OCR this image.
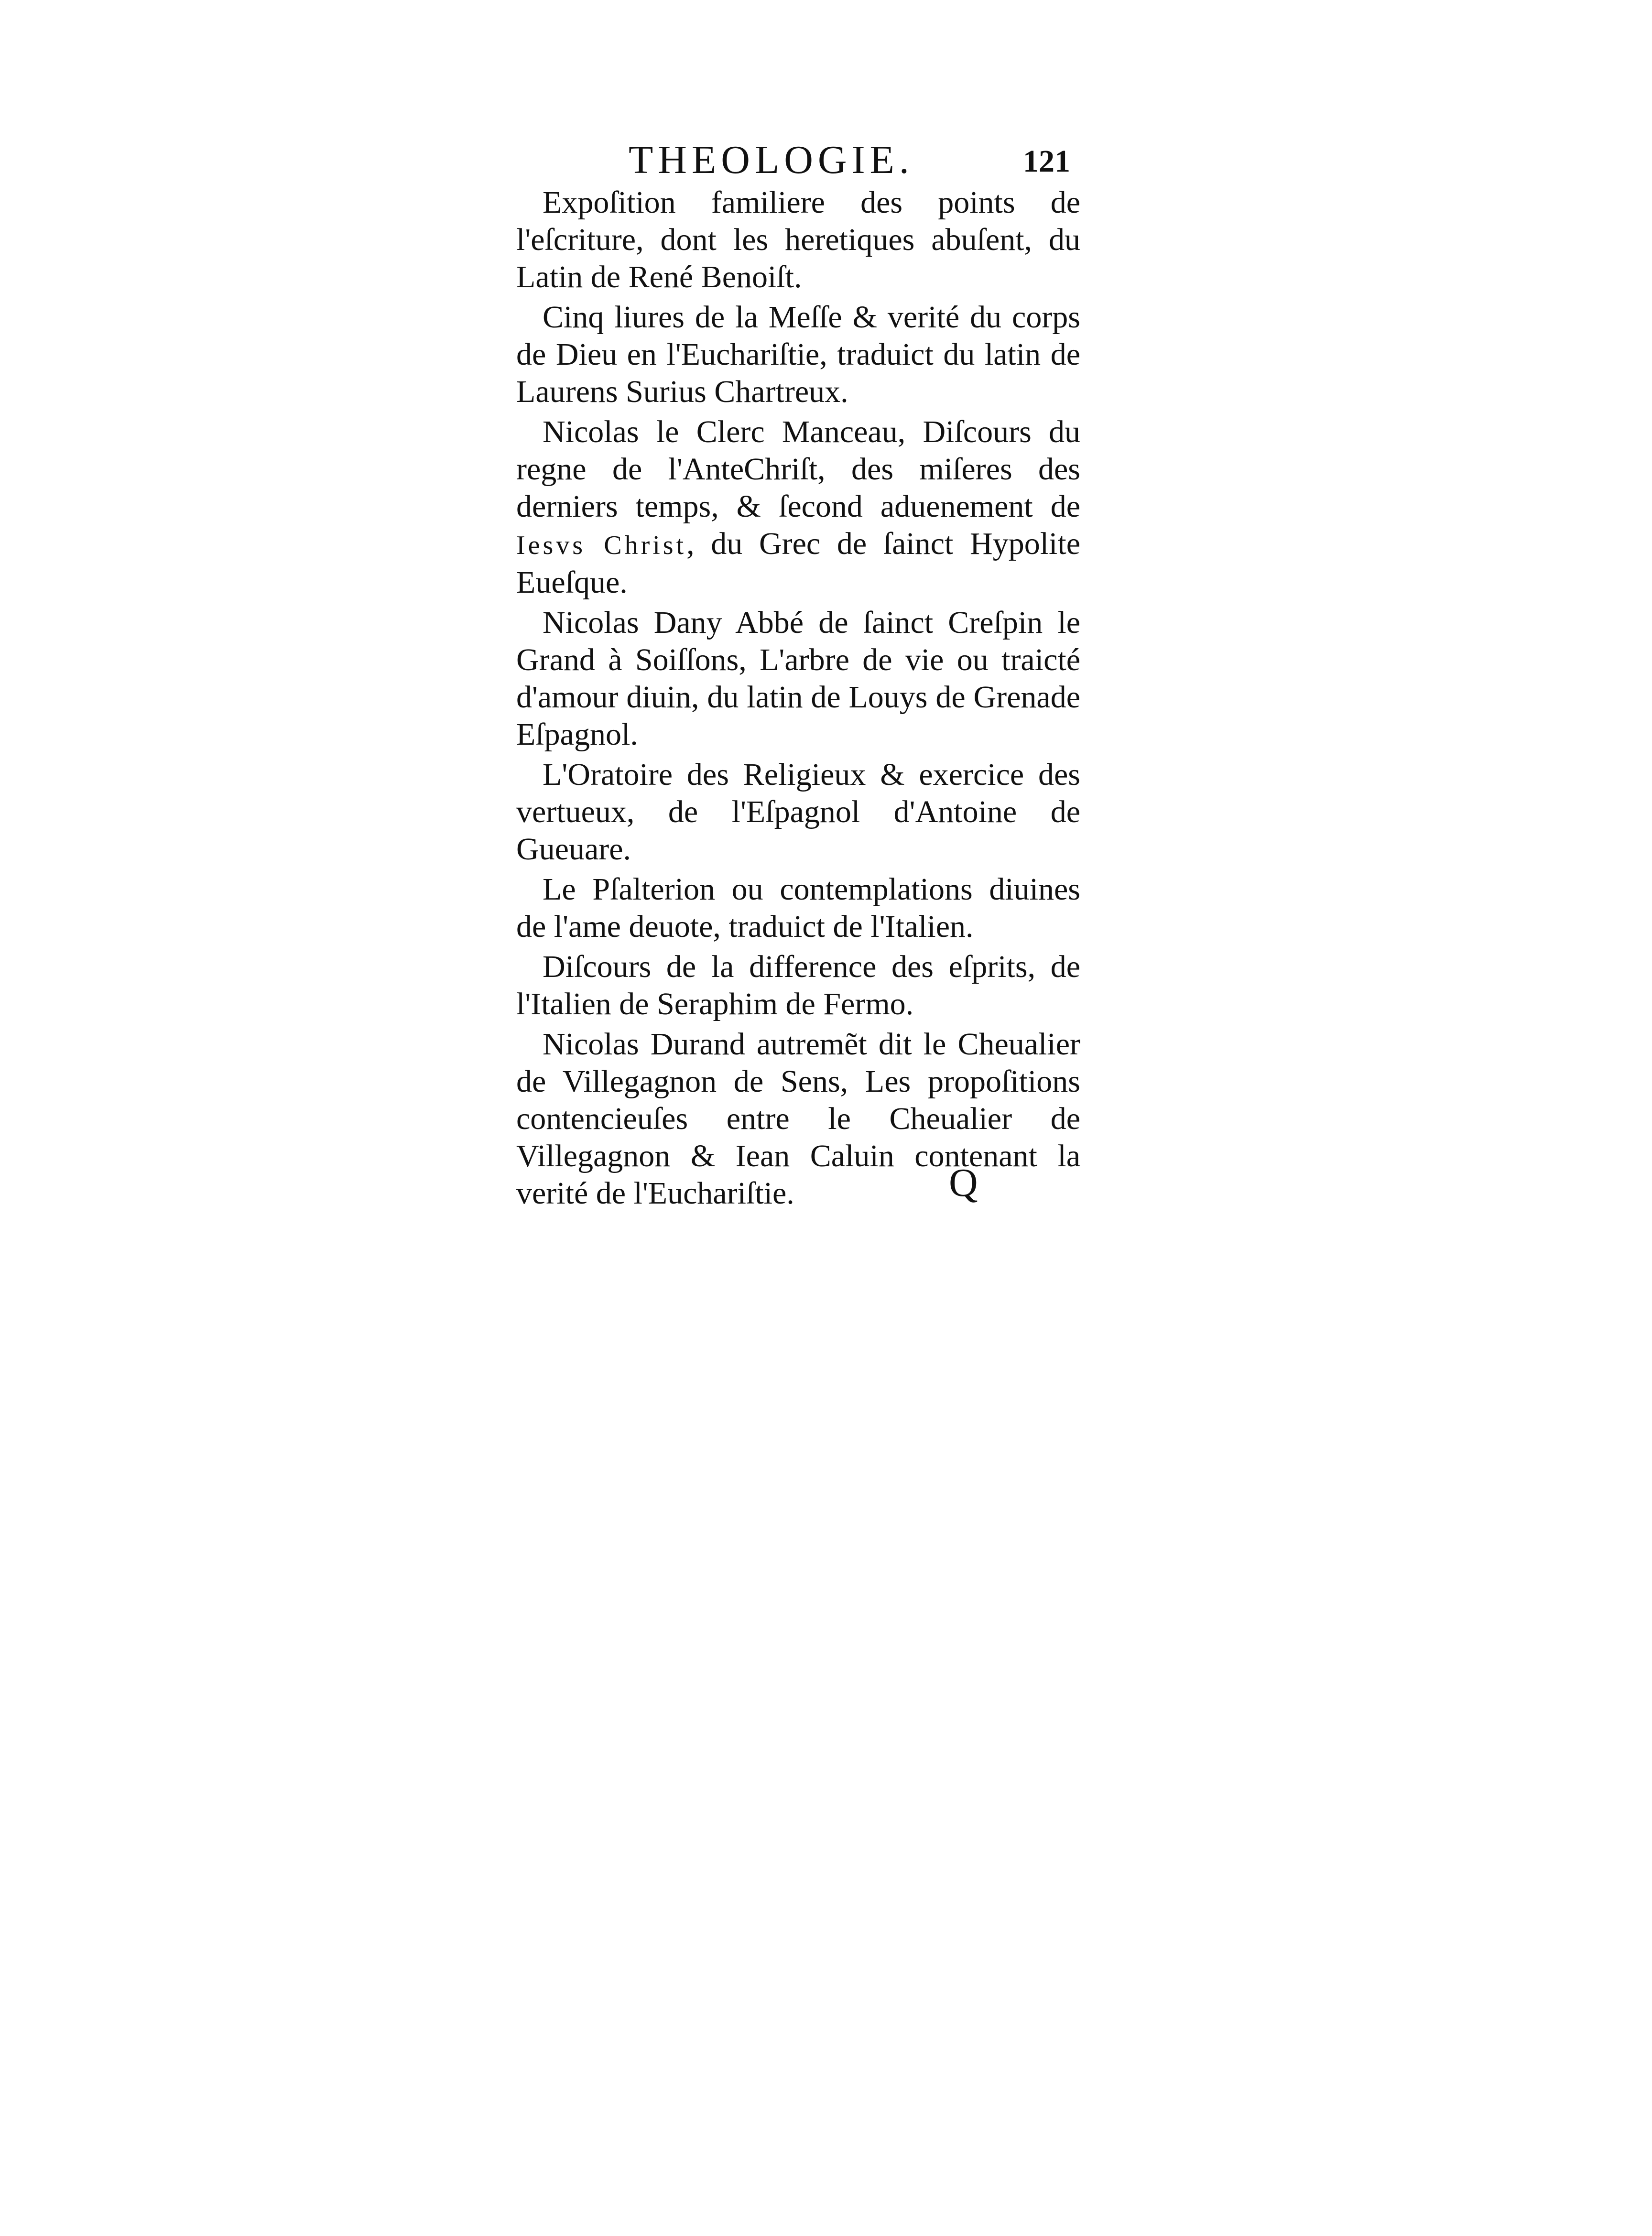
THEOLOGIE.	121

Expoſition familiere des points de l'eſcriture, dont les heretiques abuſent, du Latin de René Benoiſt.

Cinq liures de la Meſſe & verité du corps de Dieu en l'Euchariſtie, traduict du latin de Laurens Surius Chartreux.

Nicolas le Clerc Manceau, Diſcours du regne de l'AnteChriſt, des miſeres des derniers temps, & ſecond aduenement de Iesvs Christ, du Grec de ſainct Hypolite Eueſque.

Nicolas Dany Abbé de ſainct Creſpin le Grand à Soiſſons, L'arbre de vie ou traicté d'amour diuin, du latin de Louys de Grenade Eſpagnol.

L'Oratoire des Religieux & exercice des vertueux, de l'Eſpagnol d'Antoine de Gueuare.

Le Pſalterion ou contemplations diuines de l'ame deuote, traduict de l'Italien.

Diſcours de la difference des eſprits, de l'Italien de Seraphim de Fermo.

Nicolas Durand autremẽt dit le Cheualier de Villegagnon de Sens, Les propoſitions contencieuſes entre le Cheualier de Villegagnon & Iean Caluin contenant la verité de l'Euchariſtie.	Q
